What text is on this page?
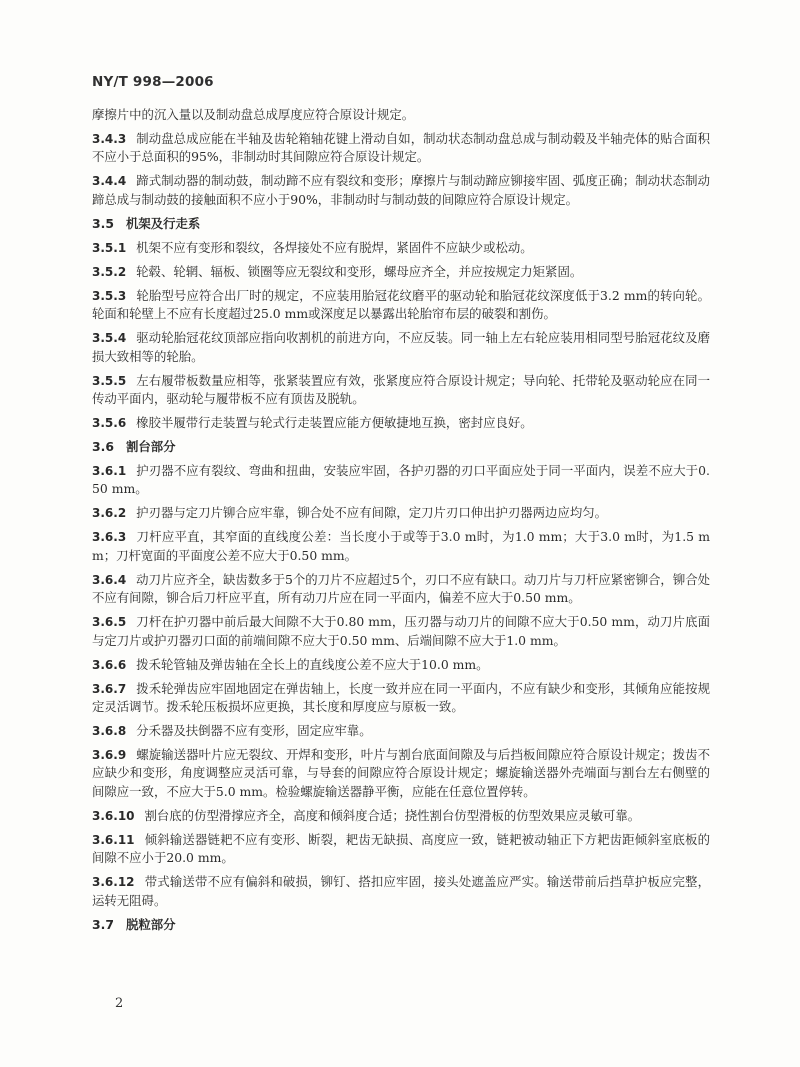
NY/T 998—2006

摩擦片中的沉入量以及制动盘总成厚度应符合原设计规定。

3.4.3 制动盘总成应能在半轴及齿轮箱轴花键上滑动自如，制动状态制动盘总成与制动毂及半轴壳体的贴合面积不应小于总面积的95%，非制动时其间隙应符合原设计规定。

3.4.4 蹄式制动器的制动鼓，制动蹄不应有裂纹和变形；摩擦片与制动蹄应铆接牢固、弧度正确；制动状态制动蹄总成与制动鼓的接触面积不应小于90%，非制动时与制动鼓的间隙应符合原设计规定。

3.5 机架及行走系

3.5.1 机架不应有变形和裂纹，各焊接处不应有脱焊，紧固件不应缺少或松动。

3.5.2 轮毂、轮辋、辐板、锁圈等应无裂纹和变形，螺母应齐全，并应按规定力矩紧固。

3.5.3 轮胎型号应符合出厂时的规定，不应装用胎冠花纹磨平的驱动轮和胎冠花纹深度低于3.2 mm的转向轮。轮面和轮壁上不应有长度超过25.0 mm或深度足以暴露出轮胎帘布层的破裂和割伤。

3.5.4 驱动轮胎冠花纹顶部应指向收割机的前进方向，不应反装。同一轴上左右轮应装用相同型号胎冠花纹及磨损大致相等的轮胎。

3.5.5 左右履带板数量应相等，张紧装置应有效，张紧度应符合原设计规定；导向轮、托带轮及驱动轮应在同一传动平面内，驱动轮与履带板不应有顶齿及脱轨。

3.5.6 橡胶半履带行走装置与轮式行走装置应能方便敏捷地互换，密封应良好。

3.6 割台部分

3.6.1 护刃器不应有裂纹、弯曲和扭曲，安装应牢固，各护刃器的刃口平面应处于同一平面内，误差不应大于0.50 mm。

3.6.2 护刃器与定刀片铆合应牢靠，铆合处不应有间隙，定刀片刃口伸出护刃器两边应均匀。

3.6.3 刀杆应平直，其窄面的直线度公差：当长度小于或等于3.0 m时，为1.0 mm；大于3.0 m时，为1.5 mm；刀杆宽面的平面度公差不应大于0.50 mm。

3.6.4 动刀片应齐全，缺齿数多于5个的刀片不应超过5个，刃口不应有缺口。动刀片与刀杆应紧密铆合，铆合处不应有间隙，铆合后刀杆应平直，所有动刀片应在同一平面内，偏差不应大于0.50 mm。

3.6.5 刀杆在护刃器中前后最大间隙不大于0.80 mm，压刃器与动刀片的间隙不应大于0.50 mm，动刀片底面与定刀片或护刃器刃口面的前端间隙不应大于0.50 mm、后端间隙不应大于1.0 mm。

3.6.6 拨禾轮管轴及弹齿轴在全长上的直线度公差不应大于10.0 mm。

3.6.7 拨禾轮弹齿应牢固地固定在弹齿轴上，长度一致并应在同一平面内，不应有缺少和变形，其倾角应能按规定灵活调节。拨禾轮压板损坏应更换，其长度和厚度应与原板一致。

3.6.8 分禾器及扶倒器不应有变形，固定应牢靠。

3.6.9 螺旋输送器叶片应无裂纹、开焊和变形，叶片与割台底面间隙及与后挡板间隙应符合原设计规定；拨齿不应缺少和变形，角度调整应灵活可靠，与导套的间隙应符合原设计规定；螺旋输送器外壳端面与割台左右侧壁的间隙应一致，不应大于5.0 mm。检验螺旋输送器静平衡，应能在任意位置停转。

3.6.10 割台底的仿型滑撑应齐全，高度和倾斜度合适；挠性割台仿型滑板的仿型效果应灵敏可靠。

3.6.11 倾斜输送器链耙不应有变形、断裂，耙齿无缺损、高度应一致，链耙被动轴正下方耙齿距倾斜室底板的间隙不应小于20.0 mm。

3.6.12 带式输送带不应有偏斜和破损，铆钉、搭扣应牢固，接头处遮盖应严实。输送带前后挡草护板应完整，运转无阻碍。

3.7 脱粒部分

2
